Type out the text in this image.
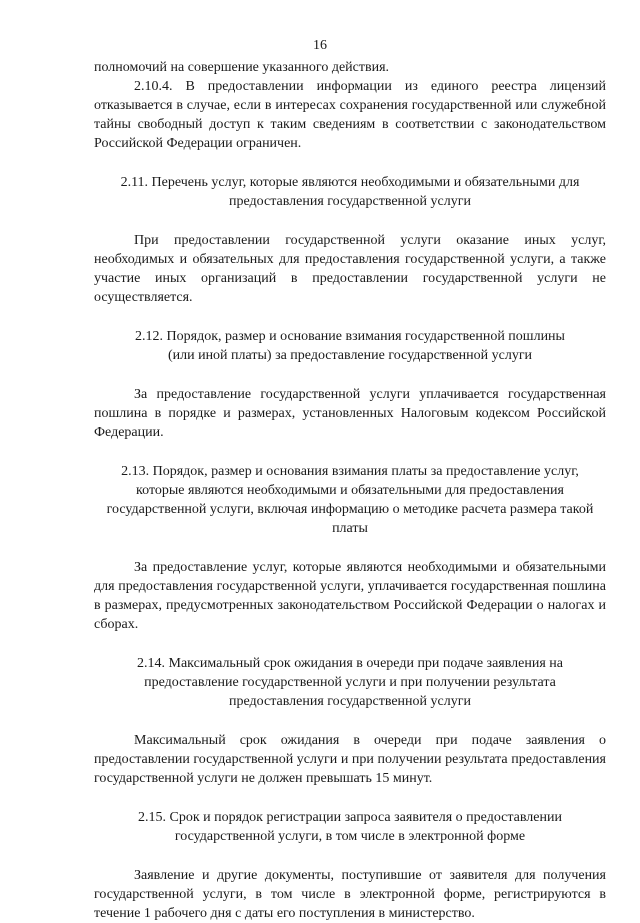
16

полномочий на совершение указанного действия.

2.10.4. В предоставлении информации из единого реестра лицензий отказывается в случае, если в интересах сохранения государственной или служебной тайны свободный доступ к таким сведениям в соответствии с законодательством Российской Федерации ограничен.

2.11. Перечень услуг, которые являются необходимыми и обязательными для предоставления государственной услуги

При предоставлении государственной услуги оказание иных услуг, необходимых и обязательных для предоставления государственной услуги, а также участие иных организаций в предоставлении государственной услуги не осуществляется.

2.12. Порядок, размер и основание взимания государственной пошлины (или иной платы) за предоставление государственной услуги

За предоставление государственной услуги уплачивается государственная пошлина в порядке и размерах, установленных Налоговым кодексом Российской Федерации.

2.13. Порядок, размер и основания взимания платы за предоставление услуг, которые являются необходимыми и обязательными для предоставления государственной услуги, включая информацию о методике расчета размера такой платы

За предоставление услуг, которые являются необходимыми и обязательными для предоставления государственной услуги, уплачивается государственная пошлина в размерах, предусмотренных законодательством Российской Федерации о налогах и сборах.

2.14. Максимальный срок ожидания в очереди при подаче заявления на предоставление государственной услуги и при получении результата предоставления государственной услуги

Максимальный срок ожидания в очереди при подаче заявления о предоставлении государственной услуги и при получении результата предоставления государственной услуги не должен превышать 15 минут.

2.15. Срок и порядок регистрации запроса заявителя о предоставлении государственной услуги, в том числе в электронной форме

Заявление и другие документы, поступившие от заявителя для получения государственной услуги, в том числе в электронной форме, регистрируются в течение 1 рабочего дня с даты его поступления в министерство.
